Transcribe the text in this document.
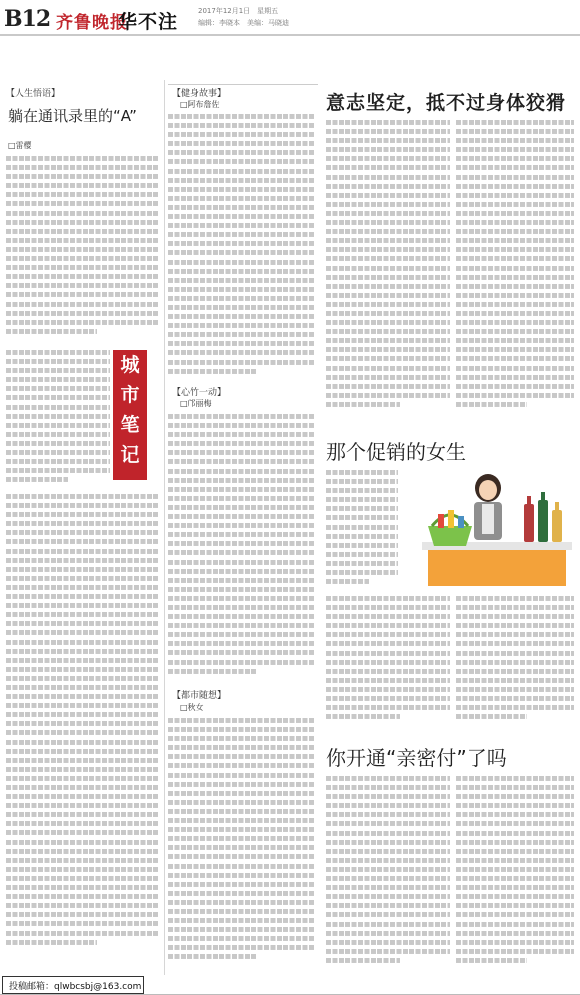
B12 齐鲁晚报
华不注	2017年12月1日　星期五
编辑：李晓本　美编：马晓迪
【人生悟语】
躺在通讯录里的“A”
□雷樱
城
市
笔
记
【健身故事】
□阿布詹佐
【心竹一动】
□邝丽梅
【都市随想】
□秋女
意志坚定，抵不过身体狡猾
那个促销的女生
你开通“亲密付”了吗
投稿邮箱：qlwbcsbj@163.com
